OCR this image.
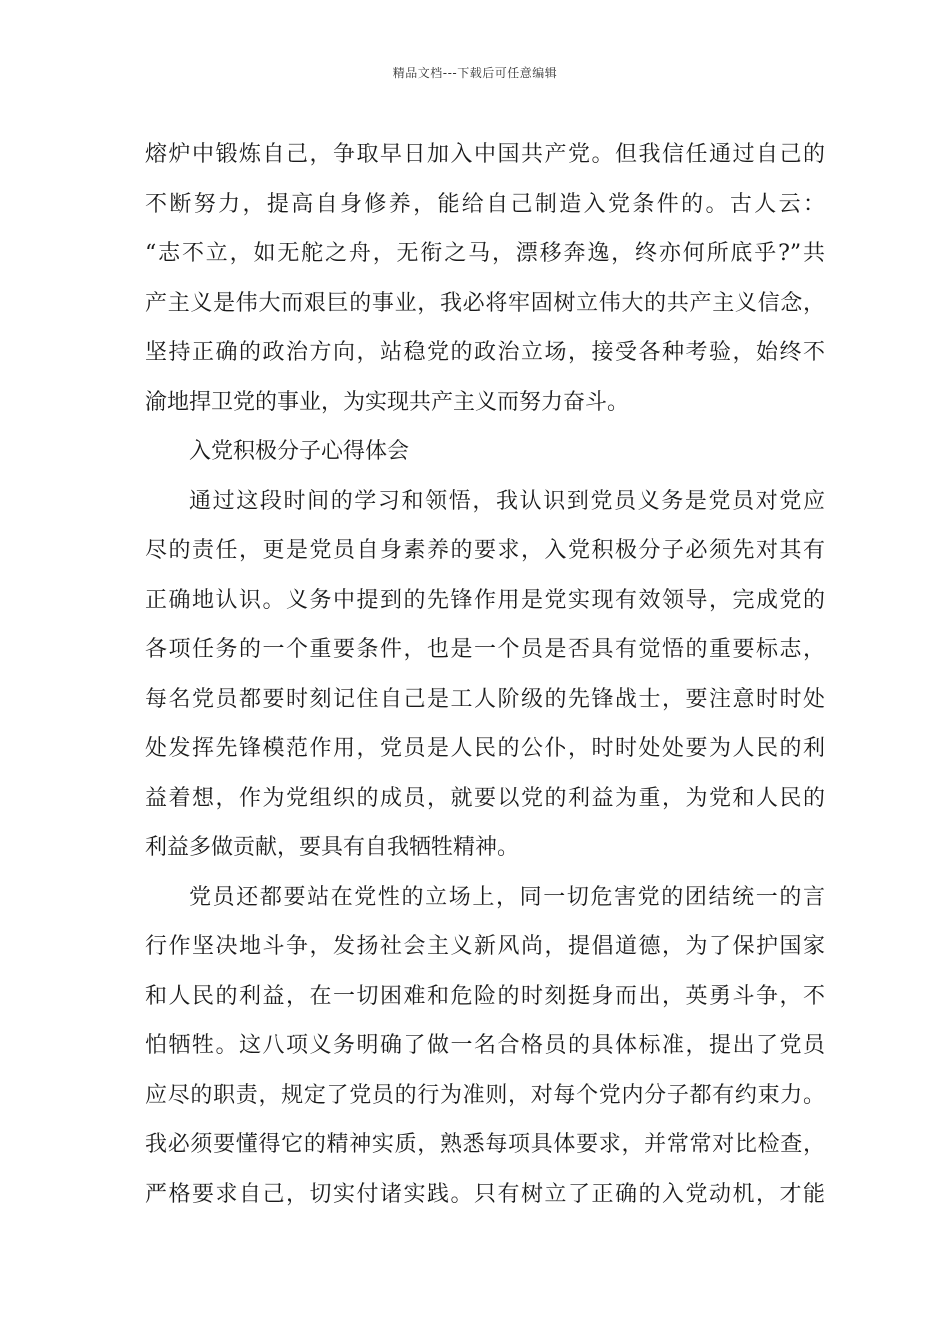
精品文档---下载后可任意编辑
熔炉中锻炼自己，争取早日加入中国共产党。但我信任通过自己的
不断努力，提高自身修养，能给自己制造入党条件的。古人云：
“志不立，如无舵之舟，无衔之马，漂移奔逸，终亦何所底乎?”共
产主义是伟大而艰巨的事业，我必将牢固树立伟大的共产主义信念，
坚持正确的政治方向，站稳党的政治立场，接受各种考验，始终不
渝地捍卫党的事业，为实现共产主义而努力奋斗。
入党积极分子心得体会
通过这段时间的学习和领悟，我认识到党员义务是党员对党应
尽的责任，更是党员自身素养的要求，入党积极分子必须先对其有
正确地认识。义务中提到的先锋作用是党实现有效领导，完成党的
各项任务的一个重要条件，也是一个员是否具有觉悟的重要标志，
每名党员都要时刻记住自己是工人阶级的先锋战士，要注意时时处
处发挥先锋模范作用，党员是人民的公仆，时时处处要为人民的利
益着想，作为党组织的成员，就要以党的利益为重，为党和人民的
利益多做贡献，要具有自我牺牲精神。
党员还都要站在党性的立场上，同一切危害党的团结统一的言
行作坚决地斗争，发扬社会主义新风尚，提倡道德，为了保护国家
和人民的利益，在一切困难和危险的时刻挺身而出，英勇斗争，不
怕牺牲。这八项义务明确了做一名合格员的具体标准，提出了党员
应尽的职责，规定了党员的行为准则，对每个党内分子都有约束力。
我必须要懂得它的精神实质，熟悉每项具体要求，并常常对比检查，
严格要求自己，切实付诸实践。只有树立了正确的入党动机，才能
